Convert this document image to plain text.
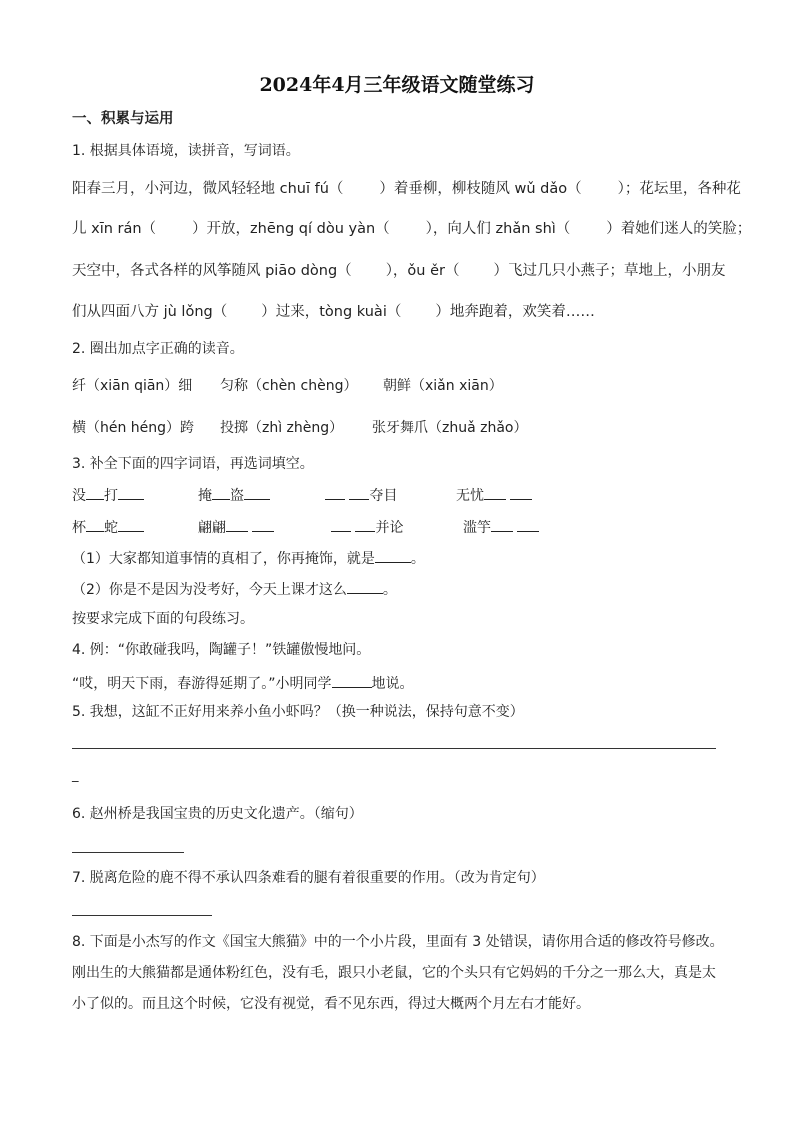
2024年4月三年级语文随堂练习
一、积累与运用
1. 根据具体语境，读拼音，写词语。
阳春三月，小河边，微风轻轻地 chuī fú（ ）着垂柳，柳枝随风 wǔ dǎo（ ）；花坛里，各种花
儿 xīn rán（ ）开放，zhēng qí dòu yàn（ ），向人们 zhǎn shì（ ）着她们迷人的笑脸；
天空中，各式各样的风筝随风 piāo dòng（ ），ǒu ěr（ ）飞过几只小燕子；草地上，小朋友
们从四面八方 jù lǒng（ ）过来，tòng kuài（ ）地奔跑着，欢笑着……
2. 圈出加点字正确的读音。
纤（xiān qiān）细 匀称（chèn chèng） 朝鲜（xiǎn xiān）
横（hén héng）跨 投掷（zhì zhèng） 张牙舞爪（zhuǎ zhǎo）
3. 补全下面的四字词语，再选词填空。
没 打	掩 盗	夺目	无忧
杯 蛇	翩翩	并论	滥竽
（1）大家都知道事情的真相了，你再掩饰，就是	。
（2）你是不是因为没考好，今天上课才这么	。
按要求完成下面的句段练习。
4. 例：“你敢碰我吗，陶罐子！”铁罐傲慢地问。
“哎，明天下雨，春游得延期了。”小明同学	地说。
5. 我想，这缸不正好用来养小鱼小虾吗？（换一种说法，保持句意不变）
_
6. 赵州桥是我国宝贵的历史文化遗产。（缩句）
7. 脱离危险的鹿不得不承认四条难看的腿有着很重要的作用。（改为肯定句）
8. 下面是小杰写的作文《国宝大熊猫》中的一个小片段，里面有 3 处错误，请你用合适的修改符号修改。
刚出生的大熊猫都是通体粉红色，没有毛，跟只小老鼠，它的个头只有它妈妈的千分之一那么大，真是太
小了似的。而且这个时候，它没有视觉，看不见东西，得过大概两个月左右才能好。
